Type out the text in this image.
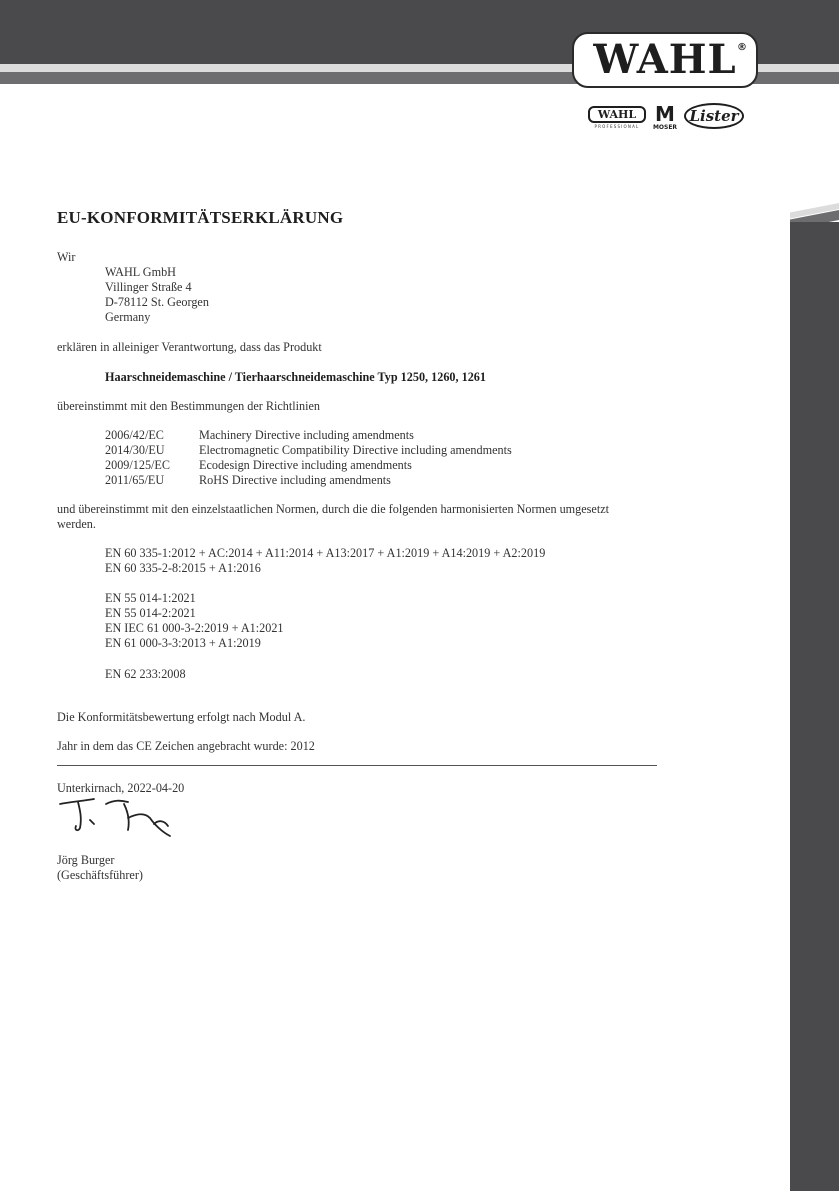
WAHL ®
WAHL
PROFESSIONAL
M
MOSER
Lister
EU-KONFORMITÄTSERKLÄRUNG

Wir

WAHL GmbH
Villinger Straße 4
D-78112 St. Georgen
Germany

erklären in alleiniger Verantwortung, dass das Produkt

Haarschneidemaschine / Tierhaarschneidemaschine Typ 1250, 1260, 1261

übereinstimmt mit den Bestimmungen der Richtlinien

2006/42/EC	Machinery Directive including amendments
2014/30/EU	Electromagnetic Compatibility Directive including amendments
2009/125/EC	Ecodesign Directive including amendments
2011/65/EU	RoHS Directive including amendments
und übereinstimmt mit den einzelstaatlichen Normen, durch die die folgenden harmonisierten Normen umgesetzt
werden.
EN 60 335-1:2012 + AC:2014 + A11:2014 + A13:2017 + A1:2019 + A14:2019 + A2:2019
EN 60 335-2-8:2015 + A1:2016
EN 55 014-1:2021
EN 55 014-2:2021
EN IEC 61 000-3-2:2019 + A1:2021
EN 61 000-3-3:2013 + A1:2019
EN 62 233:2008

Die Konformitätsbewertung erfolgt nach Modul A.

Jahr in dem das CE Zeichen angebracht wurde: 2012

Unterkirnach, 2022-04-20

Jörg Burger
(Geschäftsführer)
